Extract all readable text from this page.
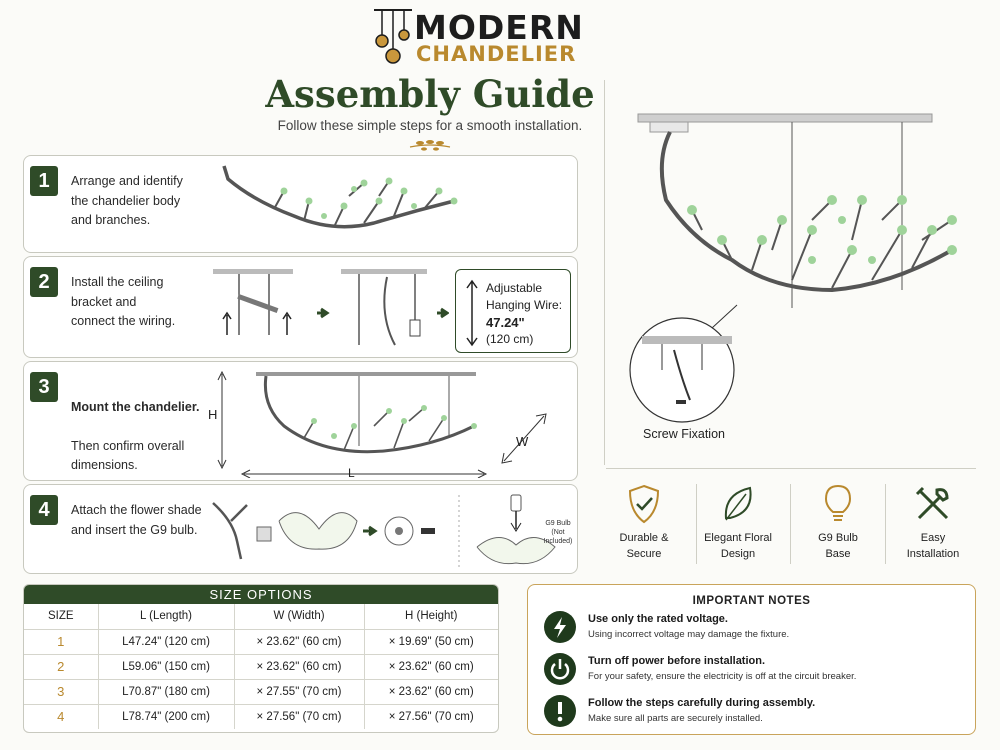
MODERN
CHANDELIER
Assembly Guide
Follow these simple steps for a smooth installation.
1	Arrange and identify
the chandelier body
and branches.
2	Install the ceiling
bracket and
connect the wiring.
Adjustable
Hanging Wire:
47.24"
(120 cm)
3

Mount the chandelier.

Then confirm overall
dimensions.

H
L
W
4	Attach the flower shade
and insert the G9 bulb.	G9 Bulb
(Not Included)
Screw Fixation
Durable &
Secure
Elegant Floral
Design
G9 Bulb
Base
Easy
Installation
SIZE OPTIONS
SIZE	L (Length)	W (Width)	H (Height)
1	L47.24" (120 cm)	× 23.62" (60 cm)	× 19.69" (50 cm)
2	L59.06" (150 cm)	× 23.62" (60 cm)	× 23.62" (60 cm)
3	L70.87" (180 cm)	× 27.55" (70 cm)	× 23.62" (60 cm)
4	L78.74" (200 cm)	× 27.56" (70 cm)	× 27.56" (70 cm)
IMPORTANT NOTES
Use only the rated voltage.
Using incorrect voltage may damage the fixture.
Turn off power before installation.
For your safety, ensure the electricity is off at the circuit breaker.
Follow the steps carefully during assembly.
Make sure all parts are securely installed.
